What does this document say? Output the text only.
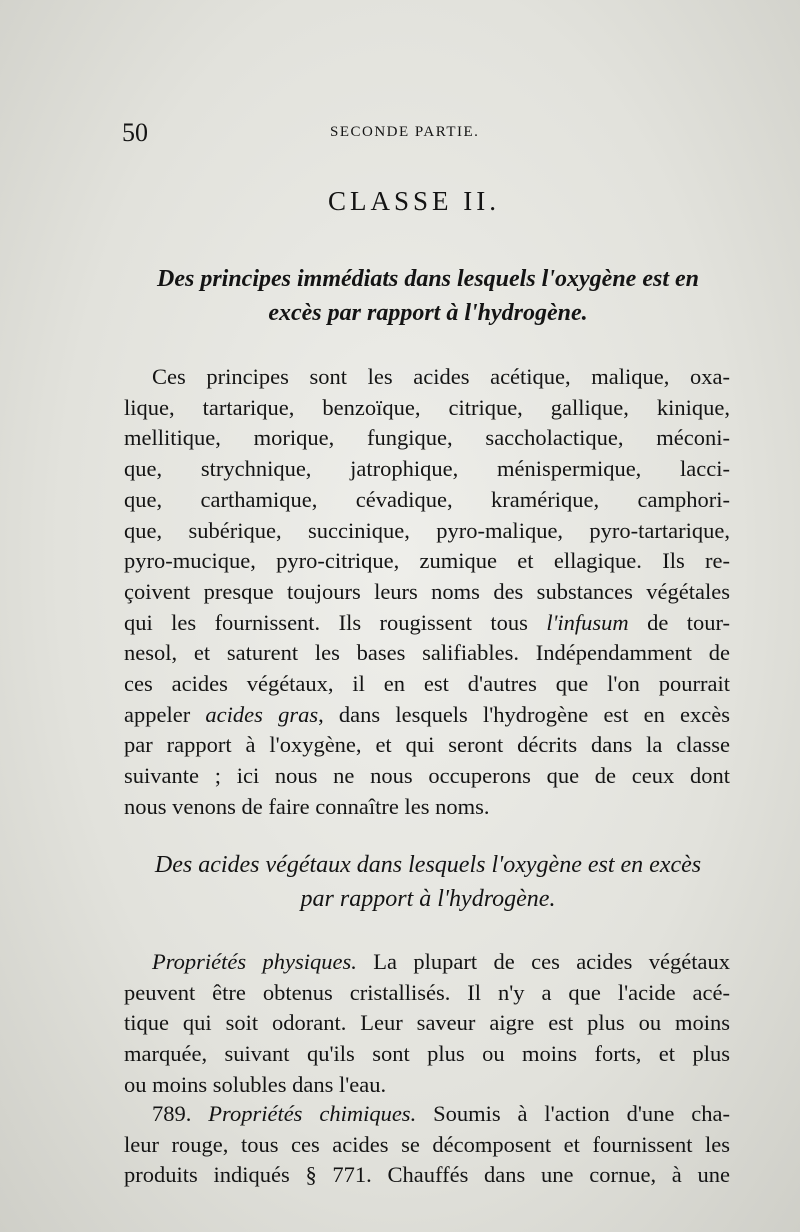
50	SECONDE PARTIE.
CLASSE II.
Des principes immédiats dans lesquels l'oxygène est en
excès par rapport à l'hydrogène.
Ces principes sont les acides acétique, malique, oxa-
lique, tartarique, benzoïque, citrique, gallique, kinique,
mellitique, morique, fungique, saccholactique, méconi-
que, strychnique, jatrophique, ménispermique, lacci-
que, carthamique, cévadique, kramérique, camphori-
que, subérique, succinique, pyro-malique, pyro-tartarique,
pyro-mucique, pyro-citrique, zumique et ellagique. Ils re-
çoivent presque toujours leurs noms des substances végétales
qui les fournissent. Ils rougissent tous l'infusum de tour-
nesol, et saturent les bases salifiables. Indépendamment de
ces acides végétaux, il en est d'autres que l'on pourrait
appeler acides gras, dans lesquels l'hydrogène est en excès
par rapport à l'oxygène, et qui seront décrits dans la classe
suivante ; ici nous ne nous occuperons que de ceux dont
nous venons de faire connaître les noms.
Des acides végétaux dans lesquels l'oxygène est en excès
par rapport à l'hydrogène.
Propriétés physiques. La plupart de ces acides végétaux
peuvent être obtenus cristallisés. Il n'y a que l'acide acé-
tique qui soit odorant. Leur saveur aigre est plus ou moins
marquée, suivant qu'ils sont plus ou moins forts, et plus
ou moins solubles dans l'eau.
789. Propriétés chimiques. Soumis à l'action d'une cha-
leur rouge, tous ces acides se décomposent et fournissent les
produits indiqués § 771. Chauffés dans une cornue, à une
